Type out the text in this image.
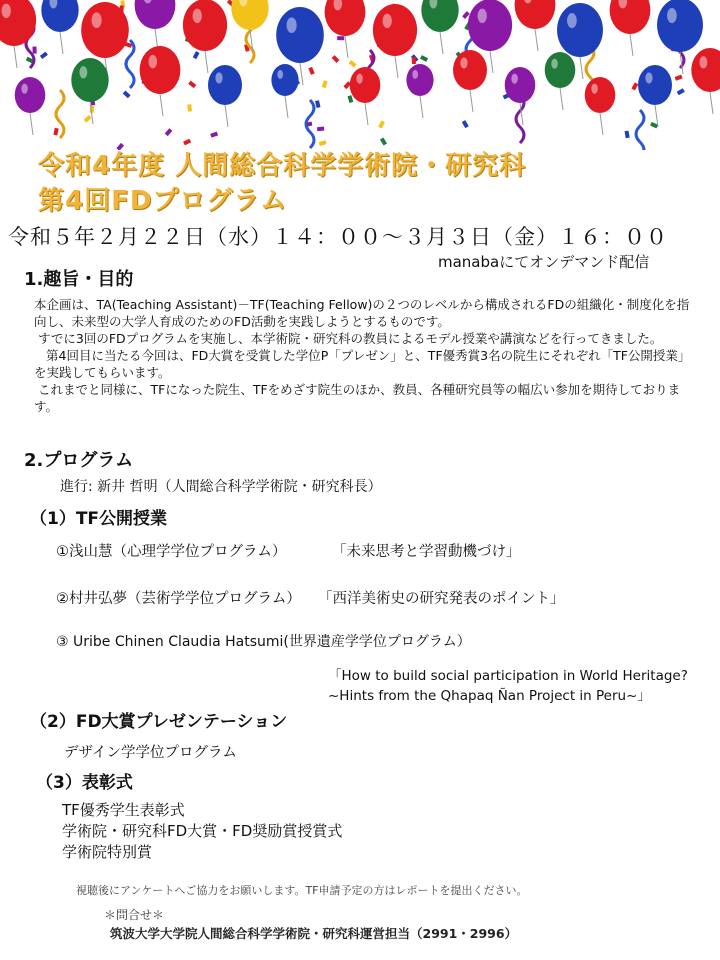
令和4年度 人間総合科学学術院・研究科
第4回FDプログラム
令和５年２月２２日（水）１４：００～３月３日（金）１６：００
manabaにてオンデマンド配信
1.趣旨・目的
本企画は、TA(Teaching Assistant)－TF(Teaching Fellow)の２つのレベルから構成されるFDの組織化・制度化を指向し、未来型の大学人育成のためのFD活動を実践しようとするものです。
すでに3回のFDプログラムを実施し、本学術院・研究科の教員によるモデル授業や講演などを行ってきました。
第4回目に当たる今回は、FD大賞を受賞した学位P「プレゼン」と、TF優秀賞3名の院生にそれぞれ「TF公開授業」を実践してもらいます。
これまでと同様に、TFになった院生、TFをめざす院生のほか、教員、各種研究員等の幅広い参加を期待しております。
2.プログラム
進行: 新井 哲明（人間総合科学学術院・研究科長）
（1）TF公開授業
①浅山慧（心理学学位プログラム）	「未来思考と学習動機づけ」
②村井弘夢（芸術学学位プログラム） 「西洋美術史の研究発表のポイント」
③ Uribe Chinen Claudia Hatsumi(世界遺産学学位プログラム）
「How to build social participation in World Heritage?
~Hints from the Qhapaq Ñan Project in Peru~」
（2）FD大賞プレゼンテーション
デザイン学学位プログラム
（3）表彰式
TF優秀学生表彰式
学術院・研究科FD大賞・FD奨励賞授賞式
学術院特別賞
視聴後にアンケートへご協力をお願いします。TF申請予定の方はレポートを提出ください。
＊問合せ＊
筑波大学大学院人間総合科学学術院・研究科運営担当（2991・2996）
